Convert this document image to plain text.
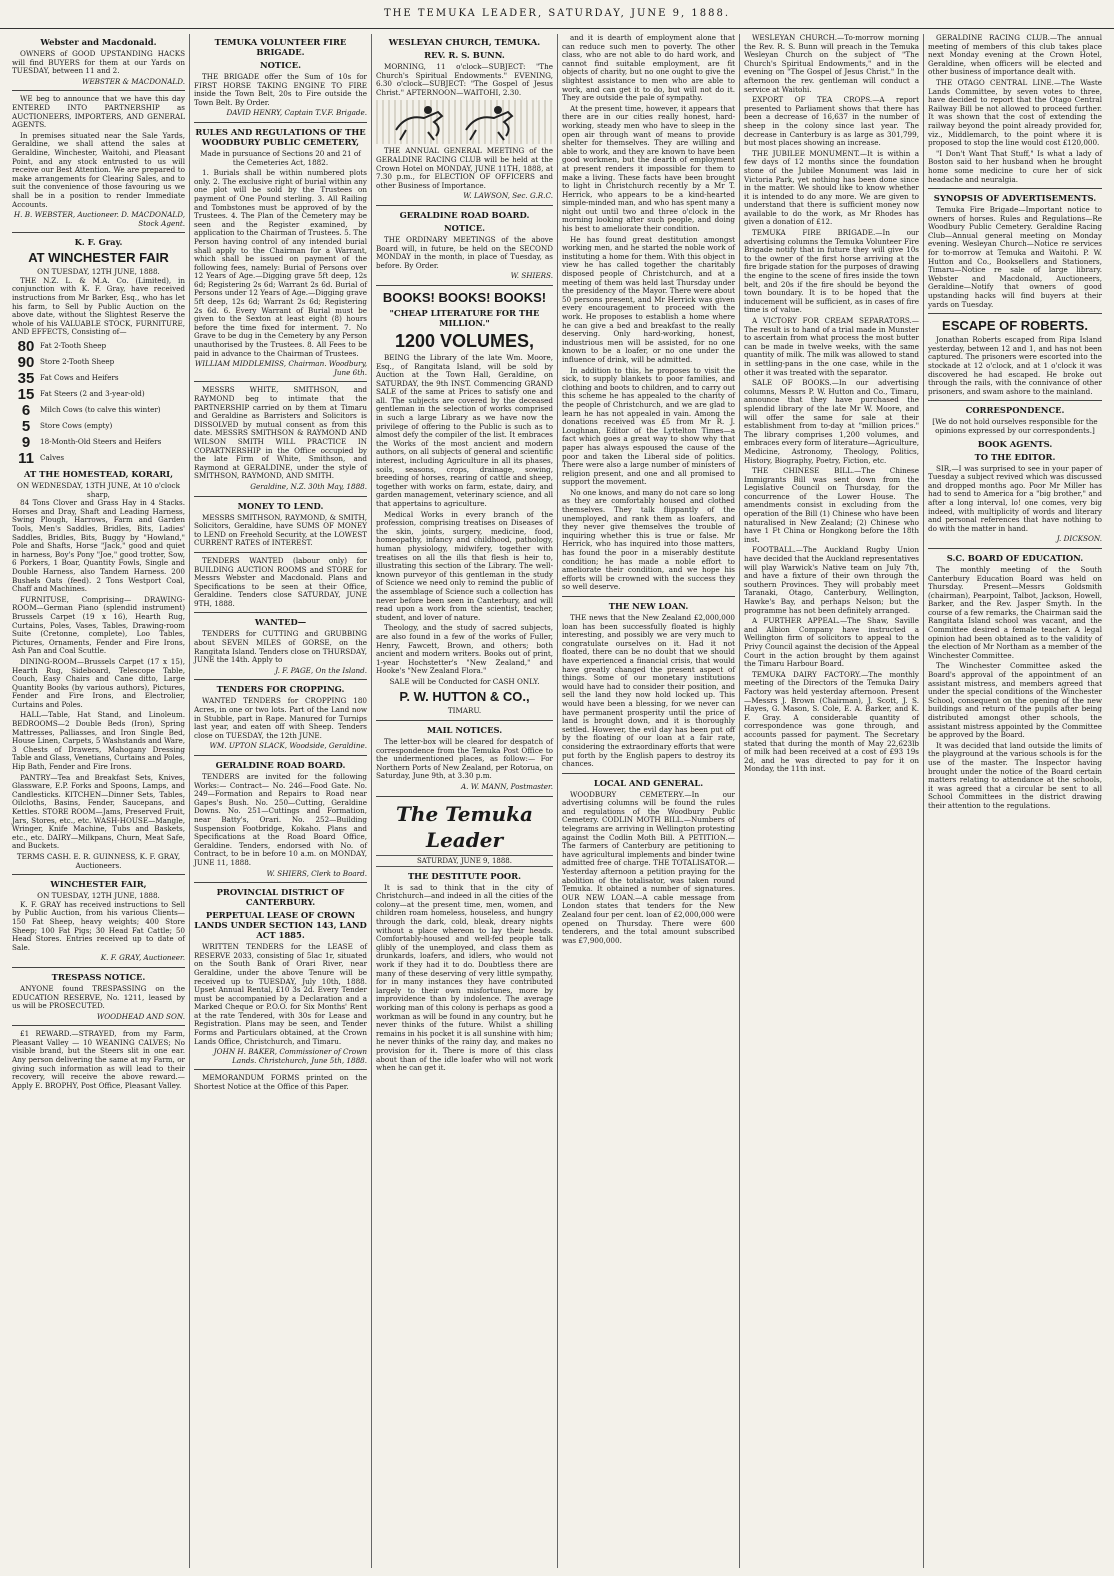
THE TEMUKA LEADER, SATURDAY, JUNE 9, 1888.
Webster and Macdonald.

OWNERS of GOOD UPSTANDING HACKS will find BUYERS for them at our Yards on TUESDAY, between 11 and 2.

WEBSTER & MACDONALD.

WE beg to announce that we have this day ENTERED INTO PARTNERSHIP as AUCTIONEERS, IMPORTERS, AND GENERAL AGENTS.

In premises situated near the Sale Yards, Geraldine, we shall attend the sales at Geraldine, Winchester, Waitohi, and Pleasant Point, and any stock entrusted to us will receive our Best Attention. We are prepared to make arrangements for Clearing Sales, and to suit the convenience of those favouring us we shall be in a position to render Immediate Accounts.

H. B. WEBSTER, Auctioneer. D. MACDONALD, Stock Agent.

K. F. Gray.
AT WINCHESTER FAIR
ON TUESDAY, 12TH JUNE, 1888.

THE N.Z. L. & M.A. Co. (Limited), in conjunction with K. F. Gray, have received instructions from Mr Barker, Esq., who has let his farm, to Sell by Public Auction on the above date, without the Slightest Reserve the whole of his VALUABLE STOCK, FURNITURE, AND EFFECTS, Consisting of—

80 Fat 2-Tooth Sheep
90 Store 2-Tooth Sheep
35 Fat Cows and Heifers
15 Fat Steers (2 and 3-year-old)
6	Milch Cows (to calve this winter)
5	Store Cows (empty)
9	18-Month-Old Steers and Heifers
11 Calves
AT THE HOMESTEAD, KORARI,
ON WEDNESDAY, 13TH JUNE, At 10 o'clock sharp,

84 Tons Clover and Grass Hay in 4 Stacks. Horses and Dray, Shaft and Leading Harness, Swing Plough, Harrows, Farm and Garden Tools, Men's Saddles, Bridles, Bits, Ladies' Saddles, Bridles, Bits, Buggy by "Howland," Pole and Shafts, Horse "Jack," good and quiet in harness, Boy's Pony "Joe," good trotter, Sow, 6 Porkers, 1 Boar, Quantity Fowls, Single and Double Harness, also Tandem Harness. 200 Bushels Oats (feed). 2 Tons Westport Coal, Chaff and Machines.

FURNITUSE, Comprising— DRAWING-ROOM—German Piano (splendid instrument) Brussels Carpet (19 x 16), Hearth Rug, Curtains, Poles, Vases, Tables, Drawing-room Suite (Cretonne, complete), Loo Tables, Pictures, Ornaments, Fender and Fire Irons, Ash Pan and Coal Scuttle.

DINING-ROOM—Brussels Carpet (17 x 15), Hearth Rug, Sideboard, Telescope Table, Couch, Easy Chairs and Cane ditto, Large Quantity Books (by various authors), Pictures, Fender and Fire Irons, and Electrolier, Curtains and Poles.

HALL—Table, Hat Stand, and Linoleum. BEDROOMS—2 Double Beds (Iron), Spring Mattresses, Palliasses, and Iron Single Bed, House Linen, Carpets, 5 Washstands and Ware, 3 Chests of Drawers, Mahogany Dressing Table and Glass, Venetians, Curtains and Poles, Hip Bath, Fender and Fire Irons.

PANTRY—Tea and Breakfast Sets, Knives, Glassware, E.P. Forks and Spoons, Lamps, and Candlesticks. KITCHEN—Dinner Sets, Tables, Oilcloths, Basins, Fender, Saucepans, and Kettles. STORE ROOM—Jams, Preserved Fruit, Jars, Stores, etc., etc. WASH-HOUSE—Mangle, Wringer, Knife Machine, Tubs and Baskets, etc., etc. DAIRY—Milkpans, Churn, Meat Safe, and Buckets.

TERMS CASH. E. R. GUINNESS, K. F. GRAY, Auctioneers.

WINCHESTER FAIR,
ON TUESDAY, 12TH JUNE, 1888.

K. F. GRAY has received instructions to Sell by Public Auction, from his various Clients— 150 Fat Sheep, heavy weights; 400 Store Sheep; 100 Fat Pigs; 30 Head Fat Cattle; 50 Head Stores. Entries received up to date of Sale.

K. F. GRAY, Auctioneer.

TRESPASS NOTICE.

ANYONE found TRESPASSING on the EDUCATION RESERVE, No. 1211, leased by us will be PROSECUTED.

WOODHEAD AND SON.

£1 REWARD.—STRAYED, from my Farm, Pleasant Valley — 10 WEANING CALVES; No visible brand, but the Steers slit in one ear. Any person delivering the same at my Farm, or giving such information as will lead to their recovery, will receive the above reward.—Apply E. BROPHY, Post Office, Pleasant Valley.

TEMUKA VOLUNTEER FIRE BRIGADE.
NOTICE.

THE BRIGADE offer the Sum of 10s for FIRST HORSE TAKING ENGINE TO FIRE inside the Town Belt, 20s to Fire outside the Town Belt. By Order.

DAVID HENRY, Captain T.V.F. Brigade.

RULES AND REGULATIONS OF THE WOODBURY PUBLIC CEMETERY,

Made in pursuance of Sections 20 and 21 of the Cemeteries Act, 1882.

1. Burials shall be within numbered plots only. 2. The exclusive right of burial within any one plot will be sold by the Trustees on payment of One Pound sterling. 3. All Railing and Tombstones must be approved of by the Trustees. 4. The Plan of the Cemetery may be seen and the Register examined, by application to the Chairman of Trustees. 5. The Person having control of any intended burial shall apply to the Chairman for a Warrant, which shall be issued on payment of the following fees, namely: Burial of Persons over 12 Years of Age.—Digging grave 5ft deep, 12s 6d; Registering 2s 6d; Warrant 2s 6d. Burial of Persons under 12 Years of Age.—Digging grave 5ft deep, 12s 6d; Warrant 2s 6d; Registering 2s 6d. 6. Every Warrant of Burial must be given to the Sexton at least eight (8) hours before the time fixed for interment. 7. No Grave to be dug in the Cemetery by any Person unauthorised by the Trustees. 8. All Fees to be paid in advance to the Chairman of Trustees.

WILLIAM MIDDLEMISS, Chairman. Woodbury, June 6th.

MESSRS WHITE, SMITHSON, and RAYMOND beg to intimate that the PARTNERSHIP carried on by them at Timaru and Geraldine as Barristers and Solicitors is DISSOLVED by mutual consent as from this date. MESSRS SMITHSON & RAYMOND AND WILSON SMITH WILL PRACTICE IN COPARTNERSHIP in the Office occupied by the late Firm of White, Smithson, and Raymond at GERALDINE, under the style of SMITHSON, RAYMOND, AND SMITH.

Geraldine, N.Z. 30th May, 1888.

MONEY TO LEND.

MESSRS SMITHSON, RAYMOND, & SMITH, Solicitors, Geraldine, have SUMS OF MONEY to LEND on Freehold Security, at the LOWEST CURRENT RATES of INTEREST.

TENDERS WANTED (labour only) for BUILDING AUCTION ROOMS and STORE for Messrs Webster and Macdonald. Plans and Specifications to be seen at their Office, Geraldine. Tenders close SATURDAY, JUNE 9TH, 1888.

WANTED—

TENDERS for CUTTING and GRUBBING about SEVEN MILES of GORSE, on the Rangitata Island. Tenders close on THURSDAY, JUNE the 14th. Apply to

J. F. PAGE, On the Island.

TENDERS FOR CROPPING.

WANTED TENDERS for CROPPING 180 Acres, in one or two lots. Part of the Land now in Stubble, part in Rape. Manured for Turnips last year, and eaten off with Sheep. Tenders close on TUESDAY, the 12th JUNE.

WM. UPTON SLACK, Woodside, Geraldine.

GERALDINE ROAD BOARD.

TENDERS are invited for the following Works:— Contract— No. 246—Food Gate. No. 249—Formation and Repairs to Road near Gapes's Bush. No. 250—Cutting, Geraldine Downs. No. 251—Cuttings and Formation, near Batty's, Orari. No. 252—Building Suspension Footbridge, Kokaho. Plans and Specifications at the Road Board Office, Geraldine. Tenders, endorsed with No. of Contract, to be in before 10 a.m. on MONDAY, JUNE 11, 1888.

W. SHIERS, Clerk to Board.

PROVINCIAL DISTRICT OF CANTERBURY.
PERPETUAL LEASE OF CROWN LANDS UNDER SECTION 143, LAND ACT 1885.

WRITTEN TENDERS for the LEASE of RESERVE 2033, consisting of 5lac 1r, situated on the South Bank of Orari River, near Geraldine, under the above Tenure will be received up to TUESDAY, July 10th, 1888. Upset Annual Rental, £10 3s 2d. Every Tender must be accompanied by a Declaration and a Marked Cheque or P.O.O. for Six Months' Rent at the rate Tendered, with 30s for Lease and Registration. Plans may be seen, and Tender Forms and Particulars obtained, at the Crown Lands Office, Christchurch, and Timaru.

JOHN H. BAKER, Commissioner of Crown Lands. Christchurch, June 5th, 1888.

MEMORANDUM FORMS printed on the Shortest Notice at the Office of this Paper.

WESLEYAN CHURCH, TEMUKA.
REV. R. S. BUNN.

MORNING, 11 o'clock—SUBJECT: "The Church's Spiritual Endowments." EVENING, 6.30 o'clock—SUBJECT: "The Gospel of Jesus Christ." AFTERNOON—WAITOHI, 2.30.

THE ANNUAL GENERAL MEETING of the GERALDINE RACING CLUB will be held at the Crown Hotel on MONDAY, JUNE 11TH, 1888, at 7.30 p.m., for ELECTION OF OFFICERS and other Business of Importance.

W. LAWSON, Sec. G.R.C.

GERALDINE ROAD BOARD.
NOTICE.

THE ORDINARY MEETINGS of the above Board will, in future, be held on the SECOND MONDAY in the month, in place of Tuesday, as before. By Order.

W. SHIERS.

BOOKS! BOOKS! BOOKS!
"CHEAP LITERATURE FOR THE MILLION."
1200 VOLUMES,

BEING the Library of the late Wm. Moore, Esq., of Rangitata Island, will be sold by Auction at the Town Hall, Geraldine, on SATURDAY, the 9th INST. Commencing GRAND SALE of the same at Prices to satisfy one and all. The subjects are covered by the deceased gentleman in the selection of works comprised in such a large Library as we have now the privilege of offering to the Public is such as to almost defy the compiler of the list. It embraces the Works of the most ancient and modern authors, on all subjects of general and scientific interest, including Agriculture in all its phases, soils, seasons, crops, drainage, sowing, breeding of horses, rearing of cattle and sheep, together with works on farm, estate, dairy, and garden management, veterinary science, and all that appertains to agriculture.

Medical Works in every branch of the profession, comprising treatises on Diseases of the skin, joints, surgery, medicine, food, homeopathy, infancy and childhood, pathology, human physiology, midwifery, together with treatises on all the ills that flesh is heir to, illustrating this section of the Library. The well-known purveyor of this gentleman in the study of Science we need only to remind the public of the assemblage of Science such a collection has never before been seen in Canterbury, and will read upon a work from the scientist, teacher, student, and lover of nature.

Theology, and the study of sacred subjects, are also found in a few of the works of Fuller, Henry, Fawcett, Brown, and others; both ancient and modern writers. Books out of print, 1-year Hochstetter's "New Zealand," and Hooke's "New Zealand Flora."

SALE will be Conducted for CASH ONLY.

P. W. HUTTON & CO.,

TIMARU.

MAIL NOTICES.

The letter-box will be cleared for despatch of correspondence from the Temuka Post Office to the undermentioned places, as follow:— For Northern Ports of New Zealand, per Rotorua, on Saturday, June 9th, at 3.30 p.m.

A. W. MANN, Postmaster.

The Temuka Leader
SATURDAY, JUNE 9, 1888.
THE DESTITUTE POOR.

It is sad to think that in the city of Christchurch—and indeed in all the cities of the colony—at the present time, men, women, and children roam homeless, houseless, and hungry through the dark, cold, bleak, dreary nights without a place whereon to lay their heads. Comfortably-housed and well-fed people talk glibly of the unemployed, and class them as drunkards, loafers, and idlers, who would not work if they had it to do. Doubtless there are many of these deserving of very little sympathy, for in many instances they have contributed largely to their own misfortunes, more by improvidence than by indolence. The average working man of this colony is perhaps as good a workman as will be found in any country, but he never thinks of the future. Whilst a shilling remains in his pocket it is all sunshine with him; he never thinks of the rainy day, and makes no provision for it. There is more of this class about than of the idle loafer who will not work when he can get it.

and it is dearth of employment alone that can reduce such men to poverty. The other class, who are not able to do hard work, and cannot find suitable employment, are fit objects of charity, but no one ought to give the slightest assistance to men who are able to work, and can get it to do, but will not do it. They are outside the pale of sympathy.

At the present time, however, it appears that there are in our cities really honest, hard-working, steady men who have to sleep in the open air through want of means to provide shelter for themselves. They are willing and able to work, and they are known to have been good workmen, but the dearth of employment at present renders it impossible for them to make a living. These facts have been brought to light in Christchurch recently by a Mr T. Herrick, who appears to be a kind-hearted simple-minded man, and who has spent many a night out until two and three o'clock in the morning looking after such people, and doing his best to ameliorate their condition.

He has found great destitution amongst working men, and he started the noble work of instituting a home for them. With this object in view he has called together the charitably disposed people of Christchurch, and at a meeting of them was held last Thursday under the presidency of the Mayor. There were about 50 persons present, and Mr Herrick was given every encouragement to proceed with the work. He proposes to establish a home where he can give a bed and breakfast to the really deserving. Only hard-working, honest, industrious men will be assisted, for no one known to be a loafer, or no one under the influence of drink, will be admitted.

In addition to this, he proposes to visit the sick, to supply blankets to poor families, and clothing and boots to children, and to carry out this scheme he has appealed to the charity of the people of Christchurch, and we are glad to learn he has not appealed in vain. Among the donations received was £5 from Mr R. J. Loughnan, Editor of the Lyttelton Times—a fact which goes a great way to show why that paper has always espoused the cause of the poor and taken the Liberal side of politics. There were also a large number of ministers of religion present, and one and all promised to support the movement.

No one knows, and many do not care so long as they are comfortably housed and clothed themselves. They talk flippantly of the unemployed, and rank them as loafers, and they never give themselves the trouble of inquiring whether this is true or false. Mr Herrick, who has inquired into those matters, has found the poor in a miserably destitute condition; he has made a noble effort to ameliorate their condition, and we hope his efforts will be crowned with the success they so well deserve.

THE NEW LOAN.

THE news that the New Zealand £2,000,000 loan has been successfully floated is highly interesting, and possibly we are very much to congratulate ourselves on it. Had it not floated, there can be no doubt that we should have experienced a financial crisis, that would have greatly changed the present aspect of things. Some of our monetary institutions would have had to consider their position, and sell the land they now hold locked up. This would have been a blessing, for we never can have permanent prosperity until the price of land is brought down, and it is thoroughly settled. However, the evil day has been put off by the floating of our loan at a fair rate, considering the extraordinary efforts that were put forth by the English papers to destroy its chances.

LOCAL AND GENERAL.

WOODBURY CEMETERY.—In our advertising columns will be found the rules and regulations of the Woodbury Public Cemetery. CODLIN MOTH BILL.—Numbers of telegrams are arriving in Wellington protesting against the Codlin Moth Bill. A PETITION.—The farmers of Canterbury are petitioning to have agricultural implements and binder twine admitted free of charge. THE TOTALISATOR.—Yesterday afternoon a petition praying for the abolition of the totalisator, was taken round Temuka. It obtained a number of signatures. OUR NEW LOAN.—A cable message from London states that tenders for the New Zealand four per cent. loan of £2,000,000 were opened on Thursday. There were 600 tenderers, and the total amount subscribed was £7,900,000.

WESLEYAN CHURCH.—To-morrow morning the Rev. R. S. Bunn will preach in the Temuka Wesleyan Church on the subject of "The Church's Spiritual Endowments," and in the evening on "The Gospel of Jesus Christ." In the afternoon the rev. gentleman will conduct a service at Waitohi.

EXPORT OF TEA CROPS.—A report presented to Parliament shows that there has been a decrease of 16,637 in the number of sheep in the colony since last year. The decrease in Canterbury is as large as 301,799, but most places showing an increase.

THE JUBILEE MONUMENT.—It is within a few days of 12 months since the foundation stone of the Jubilee Monument was laid in Victoria Park, yet nothing has been done since in the matter. We should like to know whether it is intended to do any more. We are given to understand that there is sufficient money now available to do the work, as Mr Rhodes has given a donation of £12.

TEMUKA FIRE BRIGADE.—In our advertising columns the Temuka Volunteer Fire Brigade notify that in future they will give 10s to the owner of the first horse arriving at the fire brigade station for the purposes of drawing the engine to the scene of fires inside the town belt, and 20s if the fire should be beyond the town boundary. It is to be hoped that the inducement will be sufficient, as in cases of fire time is of value.

A VICTORY FOR CREAM SEPARATORS.—The result is to hand of a trial made in Munster to ascertain from what process the most butter can be made in twelve weeks, with the same quantity of milk. The milk was allowed to stand in settling-pans in the one case, while in the other it was treated with the separator.

SALE OF BOOKS.—In our advertising columns, Messrs P. W. Hutton and Co., Timaru, announce that they have purchased the splendid library of the late Mr W. Moore, and will offer the same for sale at their establishment from to-day at "million prices." The library comprises 1,200 volumes, and embraces every form of literature—Agriculture, Medicine, Astronomy, Theology, Politics, History, Biography, Poetry, Fiction, etc.

THE CHINESE BILL.—The Chinese Immigrants Bill was sent down from the Legislative Council on Thursday, for the concurrence of the Lower House. The amendments consist in excluding from the operation of the Bill (1) Chinese who have been naturalised in New Zealand; (2) Chinese who have 1 Ft China or Hongkong before the 18th inst.

FOOTBALL.—The Auckland Rugby Union have decided that the Auckland representatives will play Warwick's Native team on July 7th, and have a fixture of their own through the southern Provinces. They will probably meet Taranaki, Otago, Canterbury, Wellington, Hawke's Bay, and perhaps Nelson; but the programme has not been definitely arranged.

A FURTHER APPEAL.—The Shaw, Saville and Albion Company have instructed a Wellington firm of solicitors to appeal to the Privy Council against the decision of the Appeal Court in the action brought by them against the Timaru Harbour Board.

TEMUKA DAIRY FACTORY.—The monthly meeting of the Directors of the Temuka Dairy Factory was held yesterday afternoon. Present—Messrs J. Brown (Chairman), J. Scott, J. S. Hayes, G. Mason, S. Cole, E. A. Barker, and K. F. Gray. A considerable quantity of correspondence was gone through, and accounts passed for payment. The Secretary stated that during the month of May 22,623lb of milk had been received at a cost of £93 19s 2d, and he was directed to pay for it on Monday, the 11th inst.

GERALDINE RACING CLUB.—The annual meeting of members of this club takes place next Monday evening at the Crown Hotel, Geraldine, when officers will be elected and other business of importance dealt with.

THE OTAGO CENTRAL LINE.—The Waste Lands Committee, by seven votes to three, have decided to report that the Otago Central Railway Bill be not allowed to proceed further. It was shown that the cost of extending the railway beyond the point already provided for, viz., Middlemarch, to the point where it is proposed to stop the line would cost £120,000.

"I Don't Want That Stuff," Is what a lady of Boston said to her husband when he brought home some medicine to cure her of sick headache and neuralgia.

SYNOPSIS OF ADVERTISEMENTS.

Temuka Fire Brigade—Important notice to owners of horses. Rules and Regulations—Re Woodbury Public Cemetery. Geraldine Racing Club—Annual general meeting on Monday evening. Wesleyan Church—Notice re services for to-morrow at Temuka and Waitohi. P. W. Hutton and Co., Booksellers and Stationers, Timaru—Notice re sale of large library. Webster and Macdonald, Auctioneers, Geraldine—Notify that owners of good upstanding hacks will find buyers at their yards on Tuesday.

ESCAPE OF ROBERTS.

Jonathan Roberts escaped from Ripa Island yesterday, between 12 and 1, and has not been captured. The prisoners were escorted into the stockade at 12 o'clock, and at 1 o'clock it was discovered he had escaped. He broke out through the rails, with the connivance of other prisoners, and swam ashore to the mainland.

CORRESPONDENCE.

[We do not hold ourselves responsible for the opinions expressed by our correspondents.]

BOOK AGENTS.
TO THE EDITOR.

SIR,—I was surprised to see in your paper of Tuesday a subject revived which was discussed and dropped months ago. Poor Mr Miller has had to send to America for a "big brother," and after a long interval, lo! one comes, very big indeed, with multiplicity of words and literary and personal references that have nothing to do with the matter in hand.

J. DICKSON.

S.C. BOARD OF EDUCATION.

The monthly meeting of the South Canterbury Education Board was held on Thursday. Present—Messrs Goldsmith (chairman), Pearpoint, Talbot, Jackson, Howell, Barker, and the Rev. Jasper Smyth. In the course of a few remarks, the Chairman said the Rangitata Island school was vacant, and the Committee desired a female teacher. A legal opinion had been obtained as to the validity of the election of Mr Northam as a member of the Winchester Committee.

The Winchester Committee asked the Board's approval of the appointment of an assistant mistress, and members agreed that under the special conditions of the Winchester School, consequent on the opening of the new buildings and return of the pupils after being distributed amongst other schools, the assistant mistress appointed by the Committee be approved by the Board.

It was decided that land outside the limits of the playground at the various schools is for the use of the master. The Inspector having brought under the notice of the Board certain matters relating to attendance at the schools, it was agreed that a circular be sent to all School Committees in the district drawing their attention to the regulations.
